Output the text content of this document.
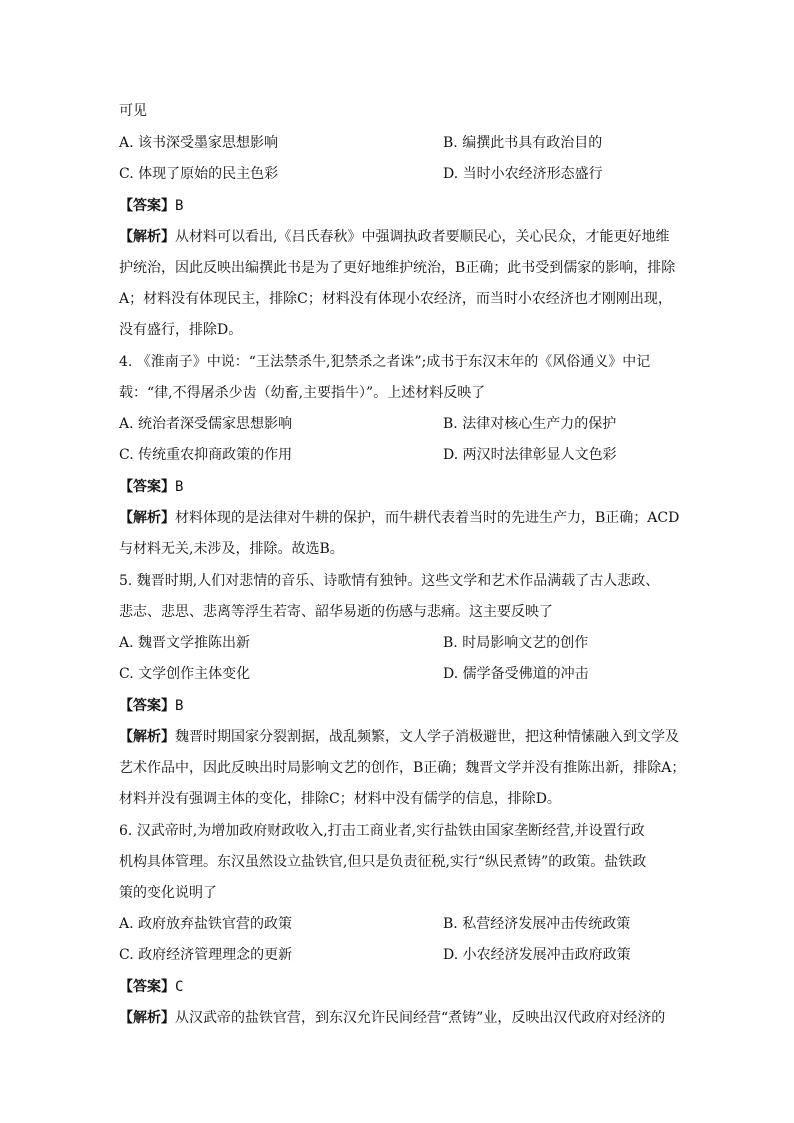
可见
A. 该书深受墨家思想影响	B. 编撰此书具有政治目的
C. 体现了原始的民主色彩	D. 当时小农经济形态盛行
【答案】B
【解析】从材料可以看出,《吕氏春秋》中强调执政者要顺民心，关心民众，才能更好地维
护统治，因此反映出编撰此书是为了更好地维护统治，B正确；此书受到儒家的影响，排除
A；材料没有体现民主，排除C；材料没有体现小农经济，而当时小农经济也才刚刚出现，
没有盛行，排除D。
4. 《淮南子》中说：“王法禁杀牛,犯禁杀之者诛”;成书于东汉末年的《风俗通义》中记
载：“律,不得屠杀少齿（幼畜,主要指牛）”。上述材料反映了
A. 统治者深受儒家思想影响	B. 法律对核心生产力的保护
C. 传统重农抑商政策的作用	D. 两汉时法律彰显人文色彩
【答案】B
【解析】材料体现的是法律对牛耕的保护，而牛耕代表着当时的先进生产力，B正确；ACD
与材料无关,未涉及，排除。故选B。
5. 魏晋时期,人们对悲情的音乐、诗歌情有独钟。这些文学和艺术作品满载了古人悲政、
悲志、悲思、悲离等浮生若寄、韶华易逝的伤感与悲痛。这主要反映了
A. 魏晋文学推陈出新	B. 时局影响文艺的创作
C. 文学创作主体变化	D. 儒学备受佛道的冲击
【答案】B
【解析】魏晋时期国家分裂割据，战乱频繁，文人学子消极避世，把这种情愫融入到文学及
艺术作品中，因此反映出时局影响文艺的创作，B正确；魏晋文学并没有推陈出新，排除A；
材料并没有强调主体的变化，排除C；材料中没有儒学的信息，排除D。
6. 汉武帝时,为增加政府财政收入,打击工商业者,实行盐铁由国家垄断经营,并设置行政
机构具体管理。东汉虽然设立盐铁官,但只是负责征税,实行“纵民煮铸”的政策。盐铁政
策的变化说明了
A. 政府放弃盐铁官营的政策	B. 私营经济发展冲击传统政策
C. 政府经济管理理念的更新	D. 小农经济发展冲击政府政策
【答案】C
【解析】从汉武帝的盐铁官营，到东汉允许民间经营“煮铸”业，反映出汉代政府对经济的
